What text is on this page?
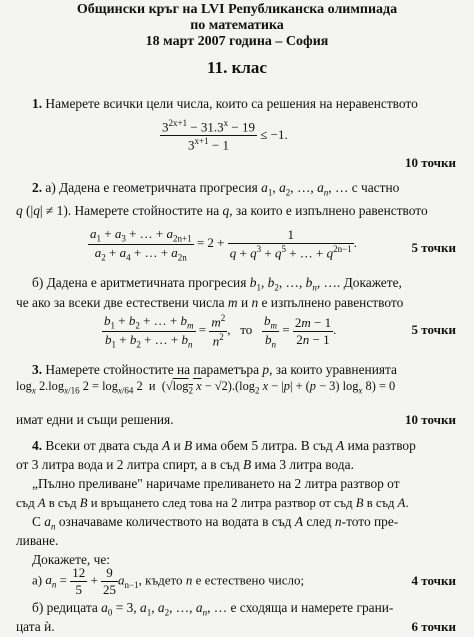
Общински кръг на LVI Републиканска олимпиада
по математика
18 март 2007 година – София
11. клас
1. Намерете всички цели числа, които са решения на неравенството
$\frac{3^{2x+1} - 31.3^x - 19}{3^{x+1} - 1} \le -1$.
10 точки
2. а) Дадена е геометричната прогресия $a_1$, $a_2$, …, $a_n$, … с частно
q (|q| ≠ 1). Намерете стойностите на q, за които е изпълнено равенството
$\frac{a_1 + a_3 + \dots + a_{2n+1}}{a_2 + a_4 + \dots + a_{2n}} = 2 + \frac{1}{q + q^3 + q^5 + \dots + q^{2n-1}}$ .	5 точки
б) Дадена е аритметичната прогресия $b_1$, $b_2$, …, $b_n$, …. Докажете,
че ако за всеки две естествени числа m и n е изпълнено равенството
$\frac{b_1 + b_2 + \dots + b_m}{b_1 + b_2 + \dots + b_n} = \frac{m^2}{n^2}$ ,   то $\frac{b_m}{b_n} = \frac{2m - 1}{2n - 1}$ .	5 точки
3. Намерете стойностите на параметъра p, за които уравненията
$\log_x 2.\log_{x/16}$ $2 = \log_{x/64} 2$  и  ($√\log_2$ $x - √2).(\log_2$ x − |p| + (p − 3) $\log_x 8) = 0$
имат едни и същи решения.	10 точки
4. Всеки от двата съда A и B има обем 5 литра. В съд A има разтвор
от 3 литра вода и 2 литра спирт, а в съд B има 3 литра вода.
„Пълно преливане" наричаме преливането на 2 литра разтвор от
съд A в съд B и връщането след това на 2 литра разтвор от съд B в съд A.
С $a_n$ означаваме количеството на водата в съд A след n-тото пре-
ливане.
Докажете, че:
а) $a_n = \frac{12}{5} + \frac{9}{25} a_{n-1}$, където n е естествено число;	4 точки
б) редицата $a_0 = 3$, $a_1$, $a_2$, …, $a_n$, … е сходяща и намерете грани-
цата ѝ.	6 точки
